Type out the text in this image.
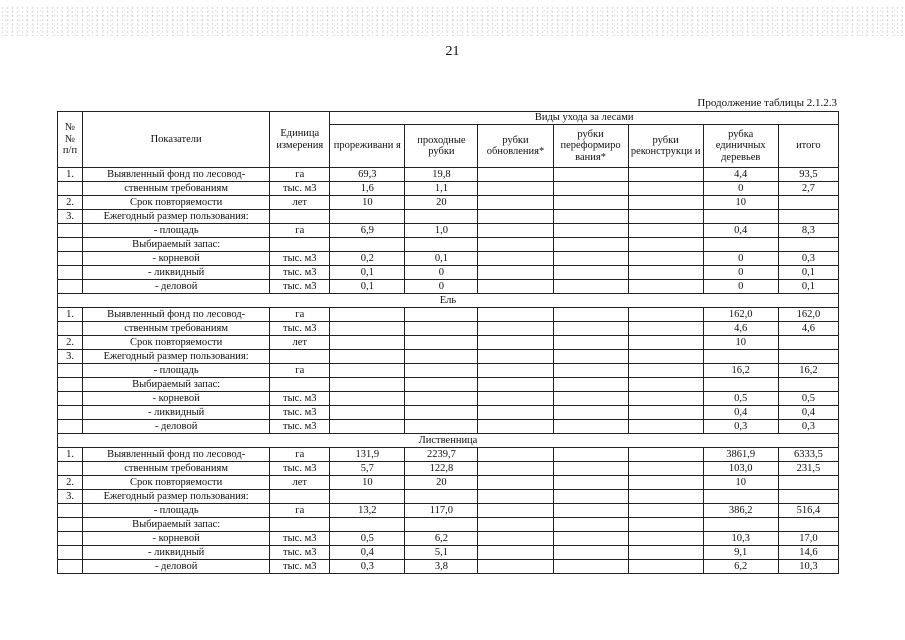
21
Продолжение таблицы 2.1.2.3
№№ п/п	Показатели	Единица измерения	Виды ухода за лесами						
			прореживани я	проходные рубки	рубки обновления*	рубки переформиро вания*	рубки реконструкци и	рубка единичных деревьев	итого
1.	Выявленный фонд по лесовод-	га	69,3	19,8				4,4	93,5
	ственным требованиям	тыс. м3	1,6	1,1				0	2,7
2.	Срок повторяемости	лет	10	20				10	
3.	Ежегодный размер пользования:								
	- площадь	га	6,9	1,0				0,4	8,3
	Выбираемый запас:								
	- корневой	тыс. м3	0,2	0,1				0	0,3
	- ликвидный	тыс. м3	0,1	0				0	0,1
	- деловой	тыс. м3	0,1	0				0	0,1
Ель									
1.	Выявленный фонд по лесовод-	га						162,0	162,0
	ственным требованиям	тыс. м3						4,6	4,6
2.	Срок повторяемости	лет						10	
3.	Ежегодный размер пользования:								
	- площадь	га						16,2	16,2
	Выбираемый запас:								
	- корневой	тыс. м3						0,5	0,5
	- ликвидный	тыс. м3						0,4	0,4
	- деловой	тыс. м3						0,3	0,3
Лиственница									
1.	Выявленный фонд по лесовод-	га	131,9	2239,7				3861,9	6333,5
	ственным требованиям	тыс. м3	5,7	122,8				103,0	231,5
2.	Срок повторяемости	лет	10	20				10	
3.	Ежегодный размер пользования:								
	- площадь	га	13,2	117,0				386,2	516,4
	Выбираемый запас:								
	- корневой	тыс. м3	0,5	6,2				10,3	17,0
	- ликвидный	тыс. м3	0,4	5,1				9,1	14,6
	- деловой	тыс. м3	0,3	3,8				6,2	10,3
